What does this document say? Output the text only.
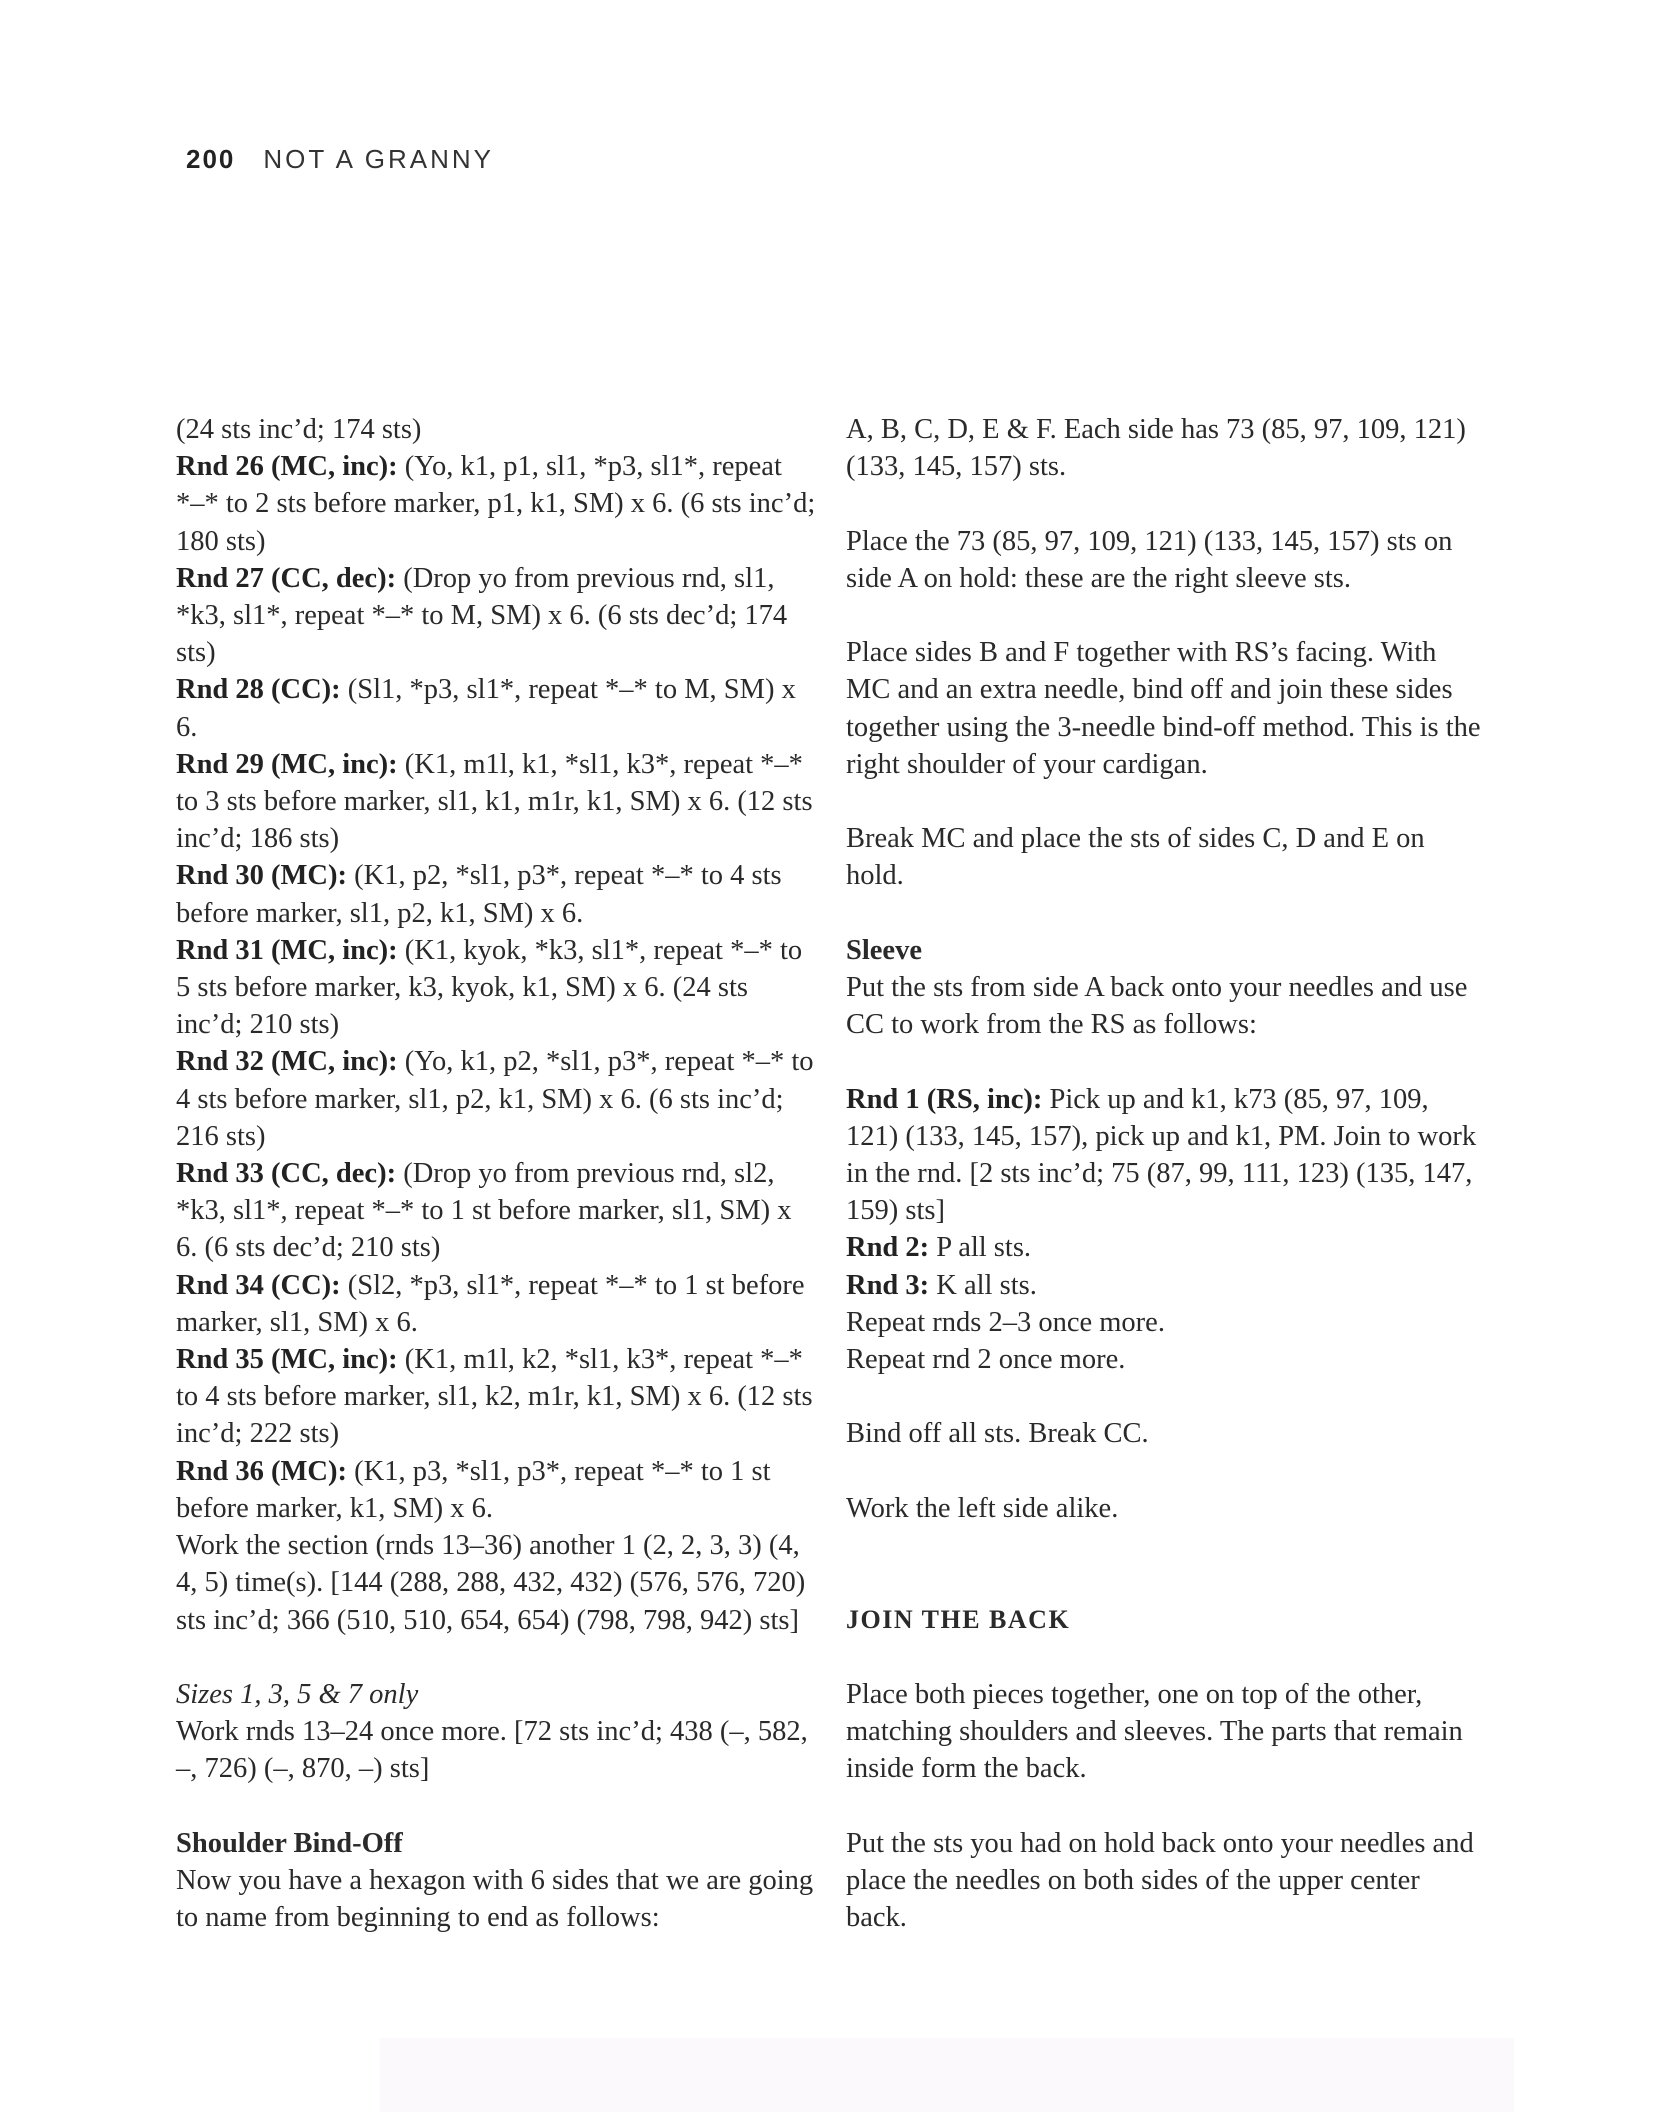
200 NOT A GRANNY

(24 sts inc’d; 174 sts)

Rnd 26 (MC, inc): (Yo, k1, p1, sl1, *p3, sl1*, repeat *–* to 2 sts before marker, p1, k1, SM) x 6. (6 sts inc’d; 180 sts)

Rnd 27 (CC, dec): (Drop yo from previous rnd, sl1, *k3, sl1*, repeat *–* to M, SM) x 6. (6 sts dec’d; 174 sts)

Rnd 28 (CC): (Sl1, *p3, sl1*, repeat *–* to M, SM) x 6.

Rnd 29 (MC, inc): (K1, m1l, k1, *sl1, k3*, repeat *–* to 3 sts before marker, sl1, k1, m1r, k1, SM) x 6. (12 sts inc’d; 186 sts)

Rnd 30 (MC): (K1, p2, *sl1, p3*, repeat *–* to 4 sts before marker, sl1, p2, k1, SM) x 6.

Rnd 31 (MC, inc): (K1, kyok, *k3, sl1*, repeat *–* to 5 sts before marker, k3, kyok, k1, SM) x 6. (24 sts inc’d; 210 sts)

Rnd 32 (MC, inc): (Yo, k1, p2, *sl1, p3*, repeat *–* to 4 sts before marker, sl1, p2, k1, SM) x 6. (6 sts inc’d; 216 sts)

Rnd 33 (CC, dec): (Drop yo from previous rnd, sl2, *k3, sl1*, repeat *–* to 1 st before marker, sl1, SM) x 6. (6 sts dec’d; 210 sts)

Rnd 34 (CC): (Sl2, *p3, sl1*, repeat *–* to 1 st before marker, sl1, SM) x 6.

Rnd 35 (MC, inc): (K1, m1l, k2, *sl1, k3*, repeat *–* to 4 sts before marker, sl1, k2, m1r, k1, SM) x 6. (12 sts inc’d; 222 sts)

Rnd 36 (MC): (K1, p3, *sl1, p3*, repeat *–* to 1 st before marker, k1, SM) x 6.

Work the section (rnds 13–36) another 1 (2, 2, 3, 3) (4, 4, 5) time(s). [144 (288, 288, 432, 432) (576, 576, 720) sts inc’d; 366 (510, 510, 654, 654) (798, 798, 942) sts]

Sizes 1, 3, 5 & 7 only

Work rnds 13–24 once more. [72 sts inc’d; 438 (–, 582, –, 726) (–, 870, –) sts]

Shoulder Bind-Off

Now you have a hexagon with 6 sides that we are going to name from beginning to end as follows:

A, B, C, D, E & F. Each side has 73 (85, 97, 109, 121) (133, 145, 157) sts.

Place the 73 (85, 97, 109, 121) (133, 145, 157) sts on side A on hold: these are the right sleeve sts.

Place sides B and F together with RS’s facing. With MC and an extra needle, bind off and join these sides together using the 3-needle bind-off method. This is the right shoulder of your cardigan.

Break MC and place the sts of sides C, D and E on hold.

Sleeve

Put the sts from side A back onto your needles and use CC to work from the RS as follows:

Rnd 1 (RS, inc): Pick up and k1, k73 (85, 97, 109, 121) (133, 145, 157), pick up and k1, PM. Join to work in the rnd. [2 sts inc’d; 75 (87, 99, 111, 123) (135, 147, 159) sts]

Rnd 2: P all sts.

Rnd 3: K all sts.

Repeat rnds 2–3 once more.

Repeat rnd 2 once more.

Bind off all sts. Break CC.

Work the left side alike.

JOIN THE BACK

Place both pieces together, one on top of the other, matching shoulders and sleeves. The parts that remain inside form the back.

Put the sts you had on hold back onto your needles and place the needles on both sides of the upper center back.
